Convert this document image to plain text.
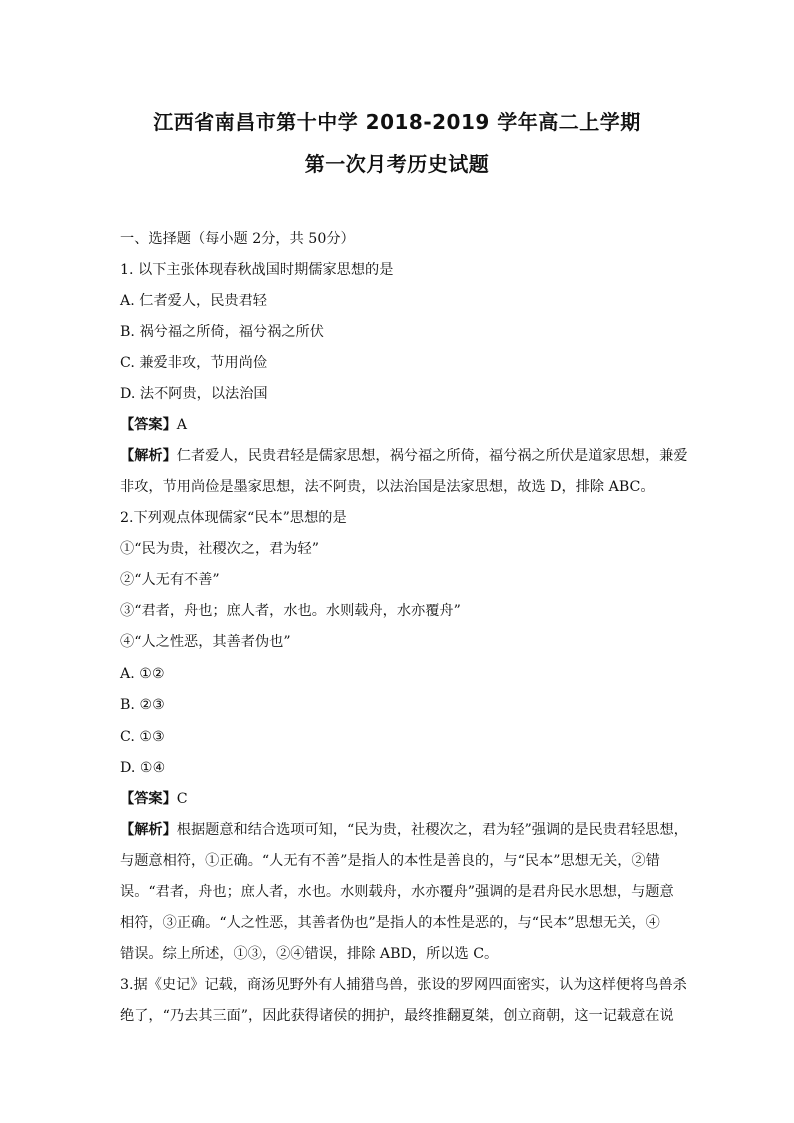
江西省南昌市第十中学 2018-2019 学年高二上学期
第一次月考历史试题
一、选择题（每小题 2分，共 50分）
1. 以下主张体现春秋战国时期儒家思想的是
A. 仁者爱人，民贵君轻
B. 祸兮福之所倚，福兮祸之所伏
C. 兼爱非攻，节用尚俭
D. 法不阿贵，以法治国
【答案】A
【解析】仁者爱人，民贵君轻是儒家思想，祸兮福之所倚，福兮祸之所伏是道家思想，兼爱
非攻，节用尚俭是墨家思想，法不阿贵，以法治国是法家思想，故选 D，排除 ABC。
2.下列观点体现儒家“民本”思想的是
①“民为贵，社稷次之，君为轻”
②“人无有不善”
③“君者，舟也；庶人者，水也。水则载舟，水亦覆舟”
④“人之性恶，其善者伪也”
A. ①②
B. ②③
C. ①③
D. ①④
【答案】C
【解析】根据题意和结合选项可知，“民为贵，社稷次之，君为轻”强调的是民贵君轻思想，
与题意相符，①正确。“人无有不善”是指人的本性是善良的，与“民本”思想无关，②错
误。“君者，舟也；庶人者，水也。水则载舟，水亦覆舟”强调的是君舟民水思想，与题意
相符，③正确。“人之性恶，其善者伪也”是指人的本性是恶的，与“民本”思想无关，④
错误。综上所述，①③，②④错误，排除 ABD，所以选 C。
3.据《史记》记载，商汤见野外有人捕猎鸟兽，张设的罗网四面密实，认为这样便将鸟兽杀
绝了，“乃去其三面”，因此获得诸侯的拥护，最终推翻夏桀，创立商朝，这一记载意在说
